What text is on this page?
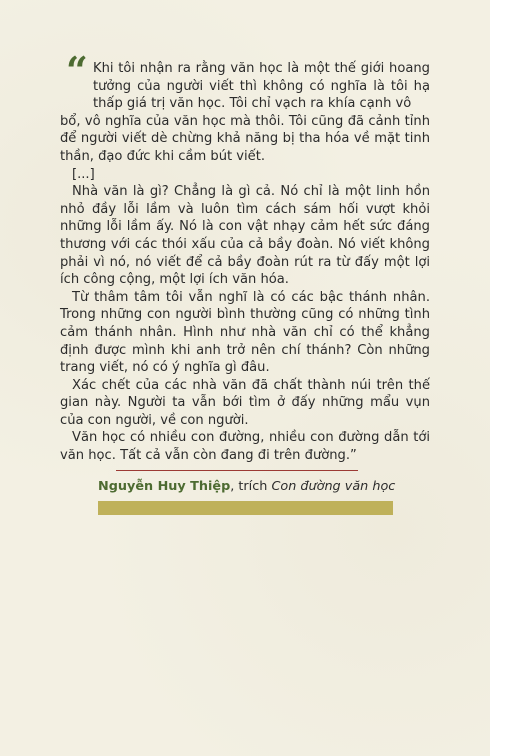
“ Khi tôi nhận ra rằng văn học là một thế giới hoang tưởng của người viết thì không có nghĩa là tôi hạ thấp giá trị văn học. Tôi chỉ vạch ra khía cạnh vô

bổ, vô nghĩa của văn học mà thôi. Tôi cũng đã cảnh tỉnh để người viết dè chừng khả năng bị tha hóa về mặt tinh thần, đạo đức khi cầm bút viết.

[...]

Nhà văn là gì? Chẳng là gì cả. Nó chỉ là một linh hồn nhỏ đầy lỗi lầm và luôn tìm cách sám hối vượt khỏi những lỗi lầm ấy. Nó là con vật nhạy cảm hết sức đáng thương với các thói xấu của cả bầy đoàn. Nó viết không phải vì nó, nó viết để cả bầy đoàn rút ra từ đấy một lợi ích công cộng, một lợi ích văn hóa.

Từ thâm tâm tôi vẫn nghĩ là có các bậc thánh nhân. Trong những con người bình thường cũng có những tình cảm thánh nhân. Hình như nhà văn chỉ có thể khẳng định được mình khi anh trở nên chí thánh? Còn những trang viết, nó có ý nghĩa gì đâu.

Xác chết của các nhà văn đã chất thành núi trên thế gian này. Người ta vẫn bới tìm ở đấy những mẩu vụn của con người, về con người.

Văn học có nhiều con đường, nhiều con đường dẫn tới văn học. Tất cả vẫn còn đang đi trên đường.”

Nguyễn Huy Thiệp, trích Con đường văn học
